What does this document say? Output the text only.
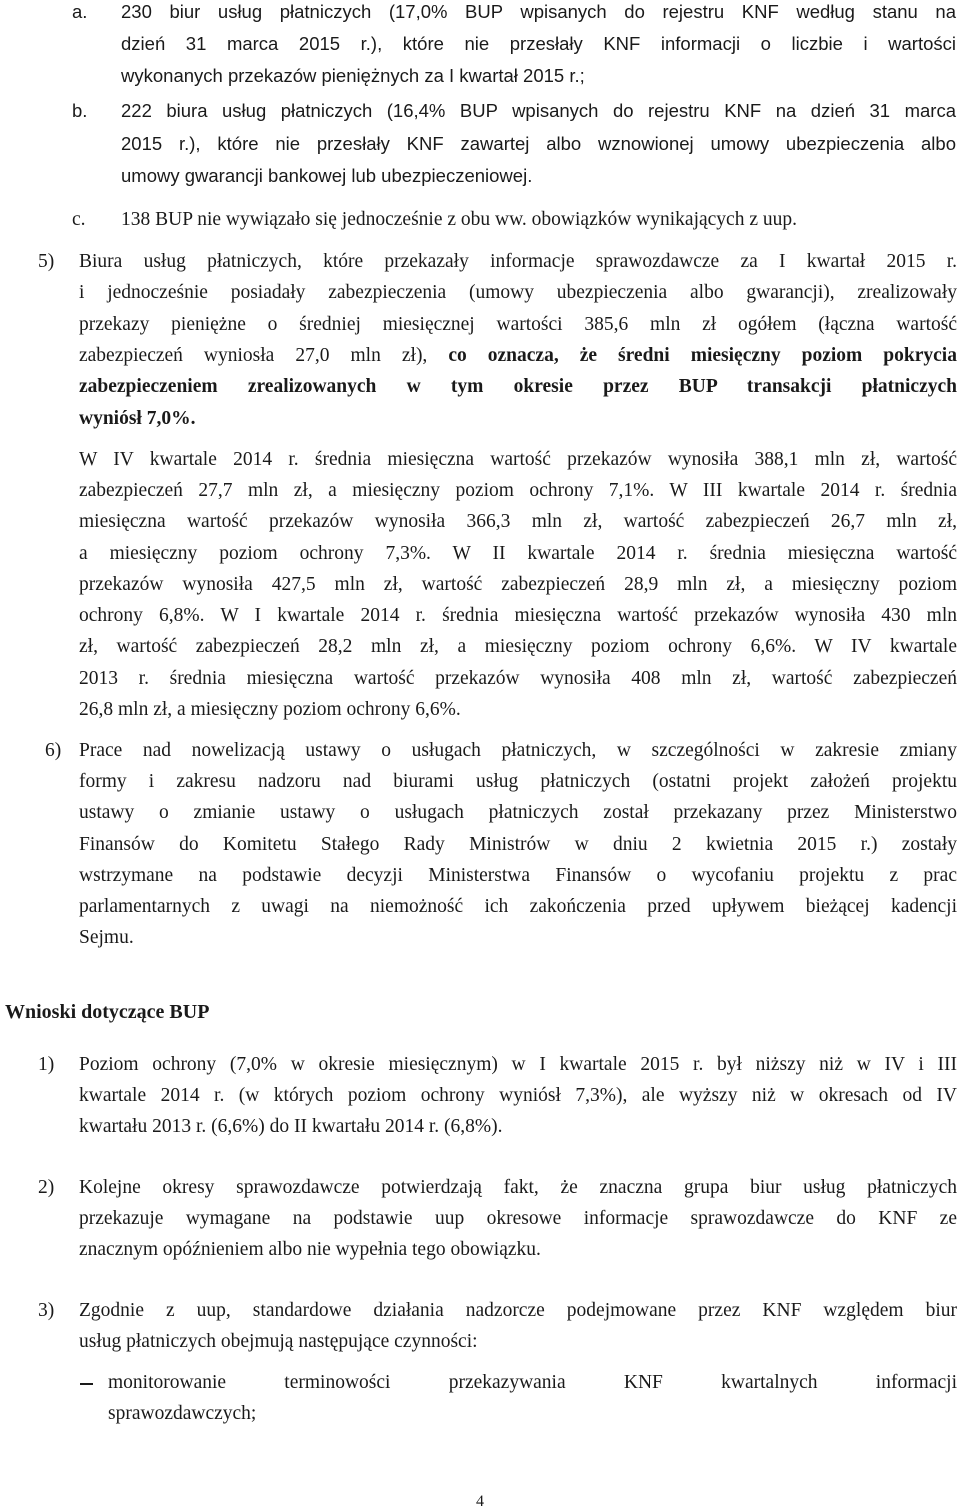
a. 230 biur usług płatniczych (17,0% BUP wpisanych do rejestru KNF według stanu na

dzień 31 marca 2015 r.), które nie przesłały KNF informacji o liczbie i wartości

wykonanych przekazów pieniężnych za I kwartał 2015 r.;

b. 222 biura usług płatniczych (16,4% BUP wpisanych do rejestru KNF na dzień 31 marca

2015 r.), które nie przesłały KNF zawartej albo wznowionej umowy ubezpieczenia albo

umowy gwarancji bankowej lub ubezpieczeniowej.

c. 138 BUP nie wywiązało się jednocześnie z obu ww. obowiązków wynikających z uup.

5) Biura usług płatniczych, które przekazały informacje sprawozdawcze za I kwartał 2015 r.

i jednocześnie posiadały zabezpieczenia (umowy ubezpieczenia albo gwarancji), zrealizowały

przekazy pieniężne o średniej miesięcznej wartości 385,6 mln zł ogółem (łączna wartość

zabezpieczeń wyniosła 27,0 mln zł), co oznacza, że średni miesięczny poziom pokrycia

zabezpieczeniem zrealizowanych w tym okresie przez BUP transakcji płatniczych

wyniósł 7,0%.

W IV kwartale 2014 r. średnia miesięczna wartość przekazów wynosiła 388,1 mln zł, wartość

zabezpieczeń 27,7 mln zł, a miesięczny poziom ochrony 7,1%. W III kwartale 2014 r. średnia

miesięczna wartość przekazów wynosiła 366,3 mln zł, wartość zabezpieczeń 26,7 mln zł,

a miesięczny poziom ochrony 7,3%. W II kwartale 2014 r. średnia miesięczna wartość

przekazów wynosiła 427,5 mln zł, wartość zabezpieczeń 28,9 mln zł, a miesięczny poziom

ochrony 6,8%. W I kwartale 2014 r. średnia miesięczna wartość przekazów wynosiła 430 mln

zł, wartość zabezpieczeń 28,2 mln zł, a miesięczny poziom ochrony 6,6%. W IV kwartale

2013 r. średnia miesięczna wartość przekazów wynosiła 408 mln zł, wartość zabezpieczeń

26,8 mln zł, a miesięczny poziom ochrony 6,6%.

6) Prace nad nowelizacją ustawy o usługach płatniczych, w szczególności w zakresie zmiany

formy i zakresu nadzoru nad biurami usług płatniczych (ostatni projekt założeń projektu

ustawy o zmianie ustawy o usługach płatniczych został przekazany przez Ministerstwo

Finansów do Komitetu Stałego Rady Ministrów w dniu 2 kwietnia 2015 r.) zostały

wstrzymane na podstawie decyzji Ministerstwa Finansów o wycofaniu projektu z prac

parlamentarnych z uwagi na niemożność ich zakończenia przed upływem bieżącej kadencji

Sejmu.

Wnioski dotyczące BUP

1) Poziom ochrony (7,0% w okresie miesięcznym) w I kwartale 2015 r. był niższy niż w IV i III

kwartale 2014 r. (w których poziom ochrony wyniósł 7,3%), ale wyższy niż w okresach od IV

kwartału 2013 r. (6,6%) do II kwartału 2014 r. (6,8%).

2) Kolejne okresy sprawozdawcze potwierdzają fakt, że znaczna grupa biur usług płatniczych

przekazuje wymagane na podstawie uup okresowe informacje sprawozdawcze do KNF ze

znacznym opóźnieniem albo nie wypełnia tego obowiązku.

3) Zgodnie z uup, standardowe działania nadzorcze podejmowane przez KNF względem biur

usług płatniczych obejmują następujące czynności:

monitorowanie terminowości przekazywania KNF kwartalnych informacji

sprawozdawczych;

4
